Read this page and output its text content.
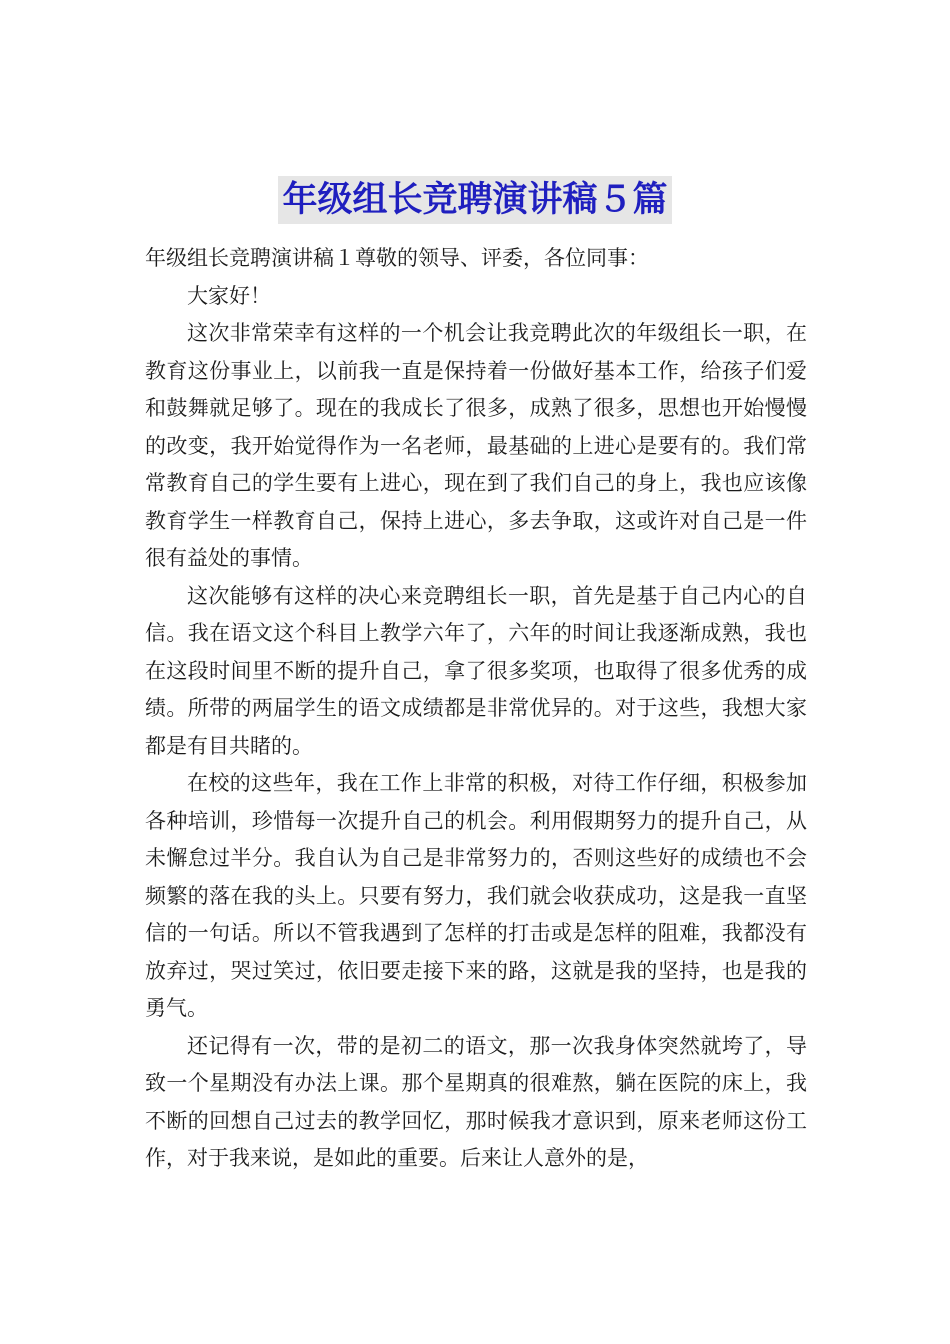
年级组长竞聘演讲稿５篇

年级组长竞聘演讲稿１尊敬的领导、评委，各位同事：

大家好！

这次非常荣幸有这样的一个机会让我竞聘此次的年级组长一职，在教育这份事业上，以前我一直是保持着一份做好基本工作，给孩子们爱和鼓舞就足够了。现在的我成长了很多，成熟了很多，思想也开始慢慢的改变，我开始觉得作为一名老师，最基础的上进心是要有的。我们常常教育自己的学生要有上进心，现在到了我们自己的身上，我也应该像教育学生一样教育自己，保持上进心，多去争取，这或许对自己是一件很有益处的事情。

这次能够有这样的决心来竞聘组长一职，首先是基于自己内心的自信。我在语文这个科目上教学六年了，六年的时间让我逐渐成熟，我也在这段时间里不断的提升自己，拿了很多奖项，也取得了很多优秀的成绩。所带的两届学生的语文成绩都是非常优异的。对于这些，我想大家都是有目共睹的。

在校的这些年，我在工作上非常的积极，对待工作仔细，积极参加各种培训，珍惜每一次提升自己的机会。利用假期努力的提升自己，从未懈怠过半分。我自认为自己是非常努力的，否则这些好的成绩也不会频繁的落在我的头上。只要有努力，我们就会收获成功，这是我一直坚信的一句话。所以不管我遇到了怎样的打击或是怎样的阻难，我都没有放弃过，哭过笑过，依旧要走接下来的路，这就是我的坚持，也是我的勇气。

还记得有一次，带的是初二的语文，那一次我身体突然就垮了，导致一个星期没有办法上课。那个星期真的很难熬，躺在医院的床上，我不断的回想自己过去的教学回忆，那时候我才意识到，原来老师这份工作，对于我来说，是如此的重要。后来让人意外的是，
